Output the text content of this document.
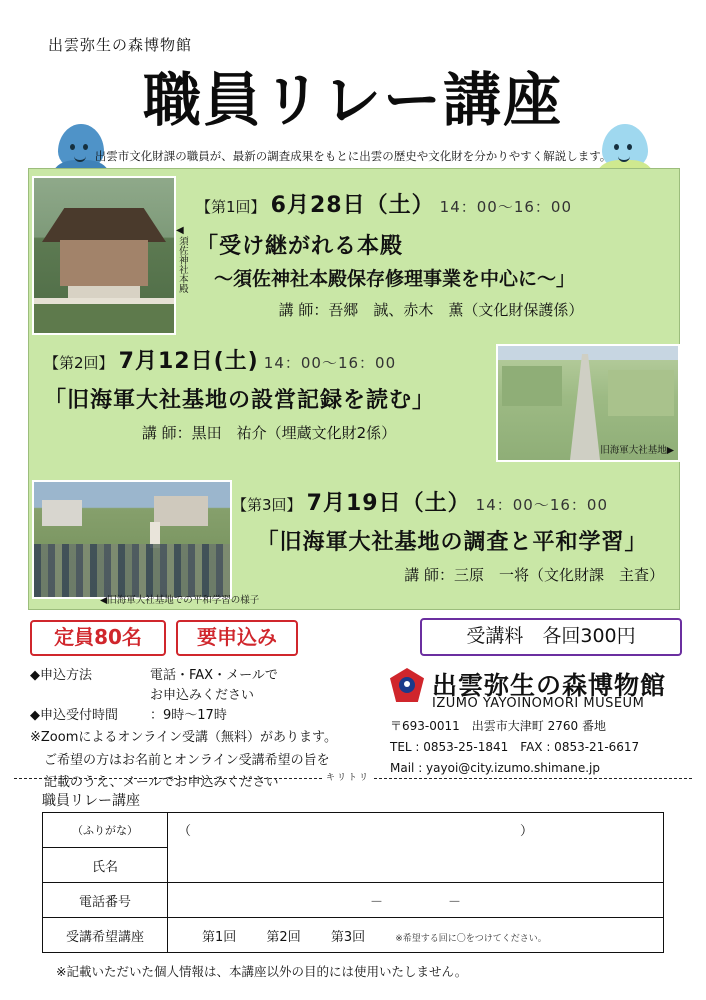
出雲弥生の森博物館
職員リレー講座
出雲市文化財課の職員が、最新の調査成果をもとに出雲の歴史や文化財を分かりやすく解説します。
須佐神社本殿
◀
旧海軍大社基地▶
◀旧海軍大社基地での平和学習の様子
【第1回】 6月28日（土） 14：00～16：00
「受け継がれる本殿
～須佐神社本殿保存修理事業を中心に～」
講 師：吾郷　誠、赤木　薫（文化財保護係）
【第2回】 7月12日(土) 14：00～16：00
「旧海軍大社基地の設営記録を読む」
講 師：黒田　祐介（埋蔵文化財2係）
【第3回】 7月19日（土） 14：00～16：00
「旧海軍大社基地の調査と平和学習」
講 師：三原　一将（文化財課　主査）
定員80名	要申込み	受講料　各回300円
◆申込方法	電話・FAX・メールで
お申込みください
◆申込受付時間	：9時～17時
※Zoomによるオンライン受講（無料）があります。
ご希望の方はお名前とオンライン受講希望の旨を
記載のうえ、メールでお申込みください
出雲弥生の森博物館
IZUMO YAYOINOMORI MUSEUM
〒693-0011　出雲市大津町 2760 番地
TEL : 0853-25-1841　FAX : 0853-21-6617
Mail : yayoi@city.izumo.shimane.jp
キリトリ
職員リレー講座
（ふりがな）	（ ）

氏名	
電話番号	－　　　　　－
受講希望講座	第1回 第2回 第3回 ※希望する回に〇をつけてください。
※記載いただいた個人情報は、本講座以外の目的には使用いたしません。
